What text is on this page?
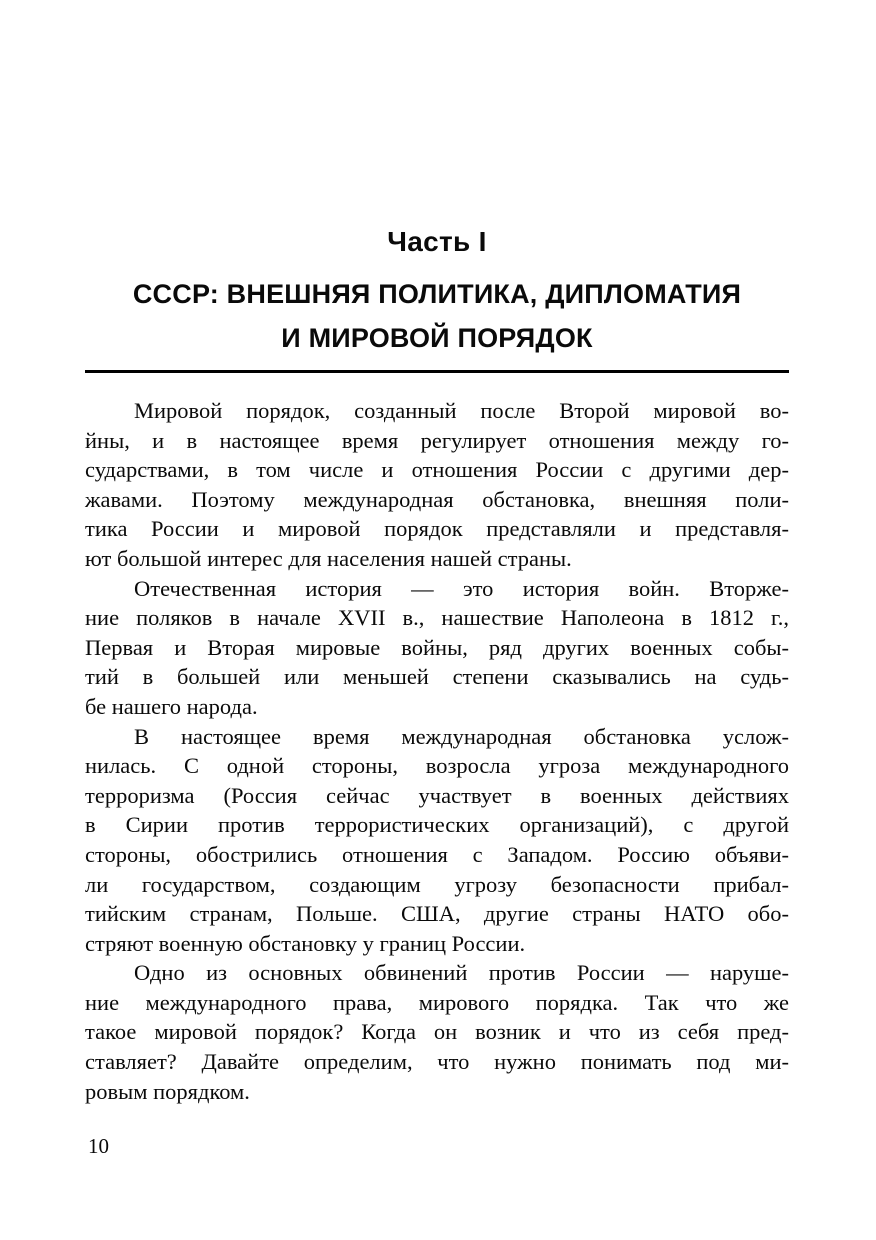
Часть I
СССР: ВНЕШНЯЯ ПОЛИТИКА, ДИПЛОМАТИЯ
И МИРОВОЙ ПОРЯДОК
Мировой порядок, созданный после Второй мировой во-
йны, и в настоящее время регулирует отношения между го-
сударствами, в том числе и отношения России с другими дер-
жавами. Поэтому международная обстановка, внешняя поли-
тика России и мировой порядок представляли и представля-
ют большой интерес для населения нашей страны.
Отечественная история — это история войн. Вторже-
ние поляков в начале XVII в., нашествие Наполеона в 1812 г.,
Первая и Вторая мировые войны, ряд других военных собы-
тий в большей или меньшей степени сказывались на судь-
бе нашего народа.
В настоящее время международная обстановка услож-
нилась. С одной стороны, возросла угроза международного
терроризма (Россия сейчас участвует в военных действиях
в Сирии против террористических организаций), с другой
стороны, обострились отношения с Западом. Россию объяви-
ли государством, создающим угрозу безопасности прибал-
тийским странам, Польше. США, другие страны НАТО обо-
стряют военную обстановку у границ России.
Одно из основных обвинений против России — наруше-
ние международного права, мирового порядка. Так что же
такое мировой порядок? Когда он возник и что из себя пред-
ставляет? Давайте определим, что нужно понимать под ми-
ровым порядком.
10
